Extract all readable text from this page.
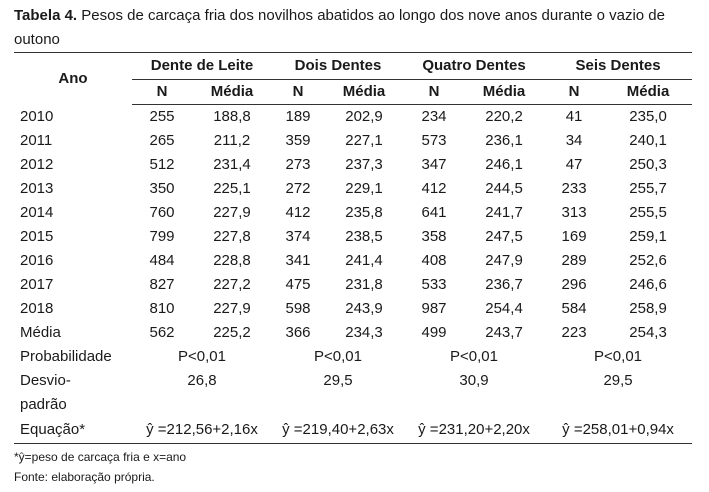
Tabela 4. Pesos de carcaça fria dos novilhos abatidos ao longo dos nove anos durante o vazio de outono
Ano	Dente de Leite		Dois Dentes		Quatro Dentes		Seis Dentes	
	N	Média	N	Média	N	Média	N	Média
2010	255	188,8	189	202,9	234	220,2	41	235,0
2011	265	211,2	359	227,1	573	236,1	34	240,1
2012	512	231,4	273	237,3	347	246,1	47	250,3
2013	350	225,1	272	229,1	412	244,5	233	255,7
2014	760	227,9	412	235,8	641	241,7	313	255,5
2015	799	227,8	374	238,5	358	247,5	169	259,1
2016	484	228,8	341	241,4	408	247,9	289	252,6
2017	827	227,2	475	231,8	533	236,7	296	246,6
2018	810	227,9	598	243,9	987	254,4	584	258,9
Média	562	225,2	366	234,3	499	243,7	223	254,3
Probabilidade	P<0,01		P<0,01		P<0,01		P<0,01	
Desvio-	26,8		29,5		30,9		29,5	
padrão								
Equação*	ŷ =212,56+2,16x		ŷ =219,40+2,63x		ŷ =231,20+2,20x		ŷ =258,01+0,94x	
*ŷ=peso de carcaça fria e x=ano
Fonte: elaboração própria.
